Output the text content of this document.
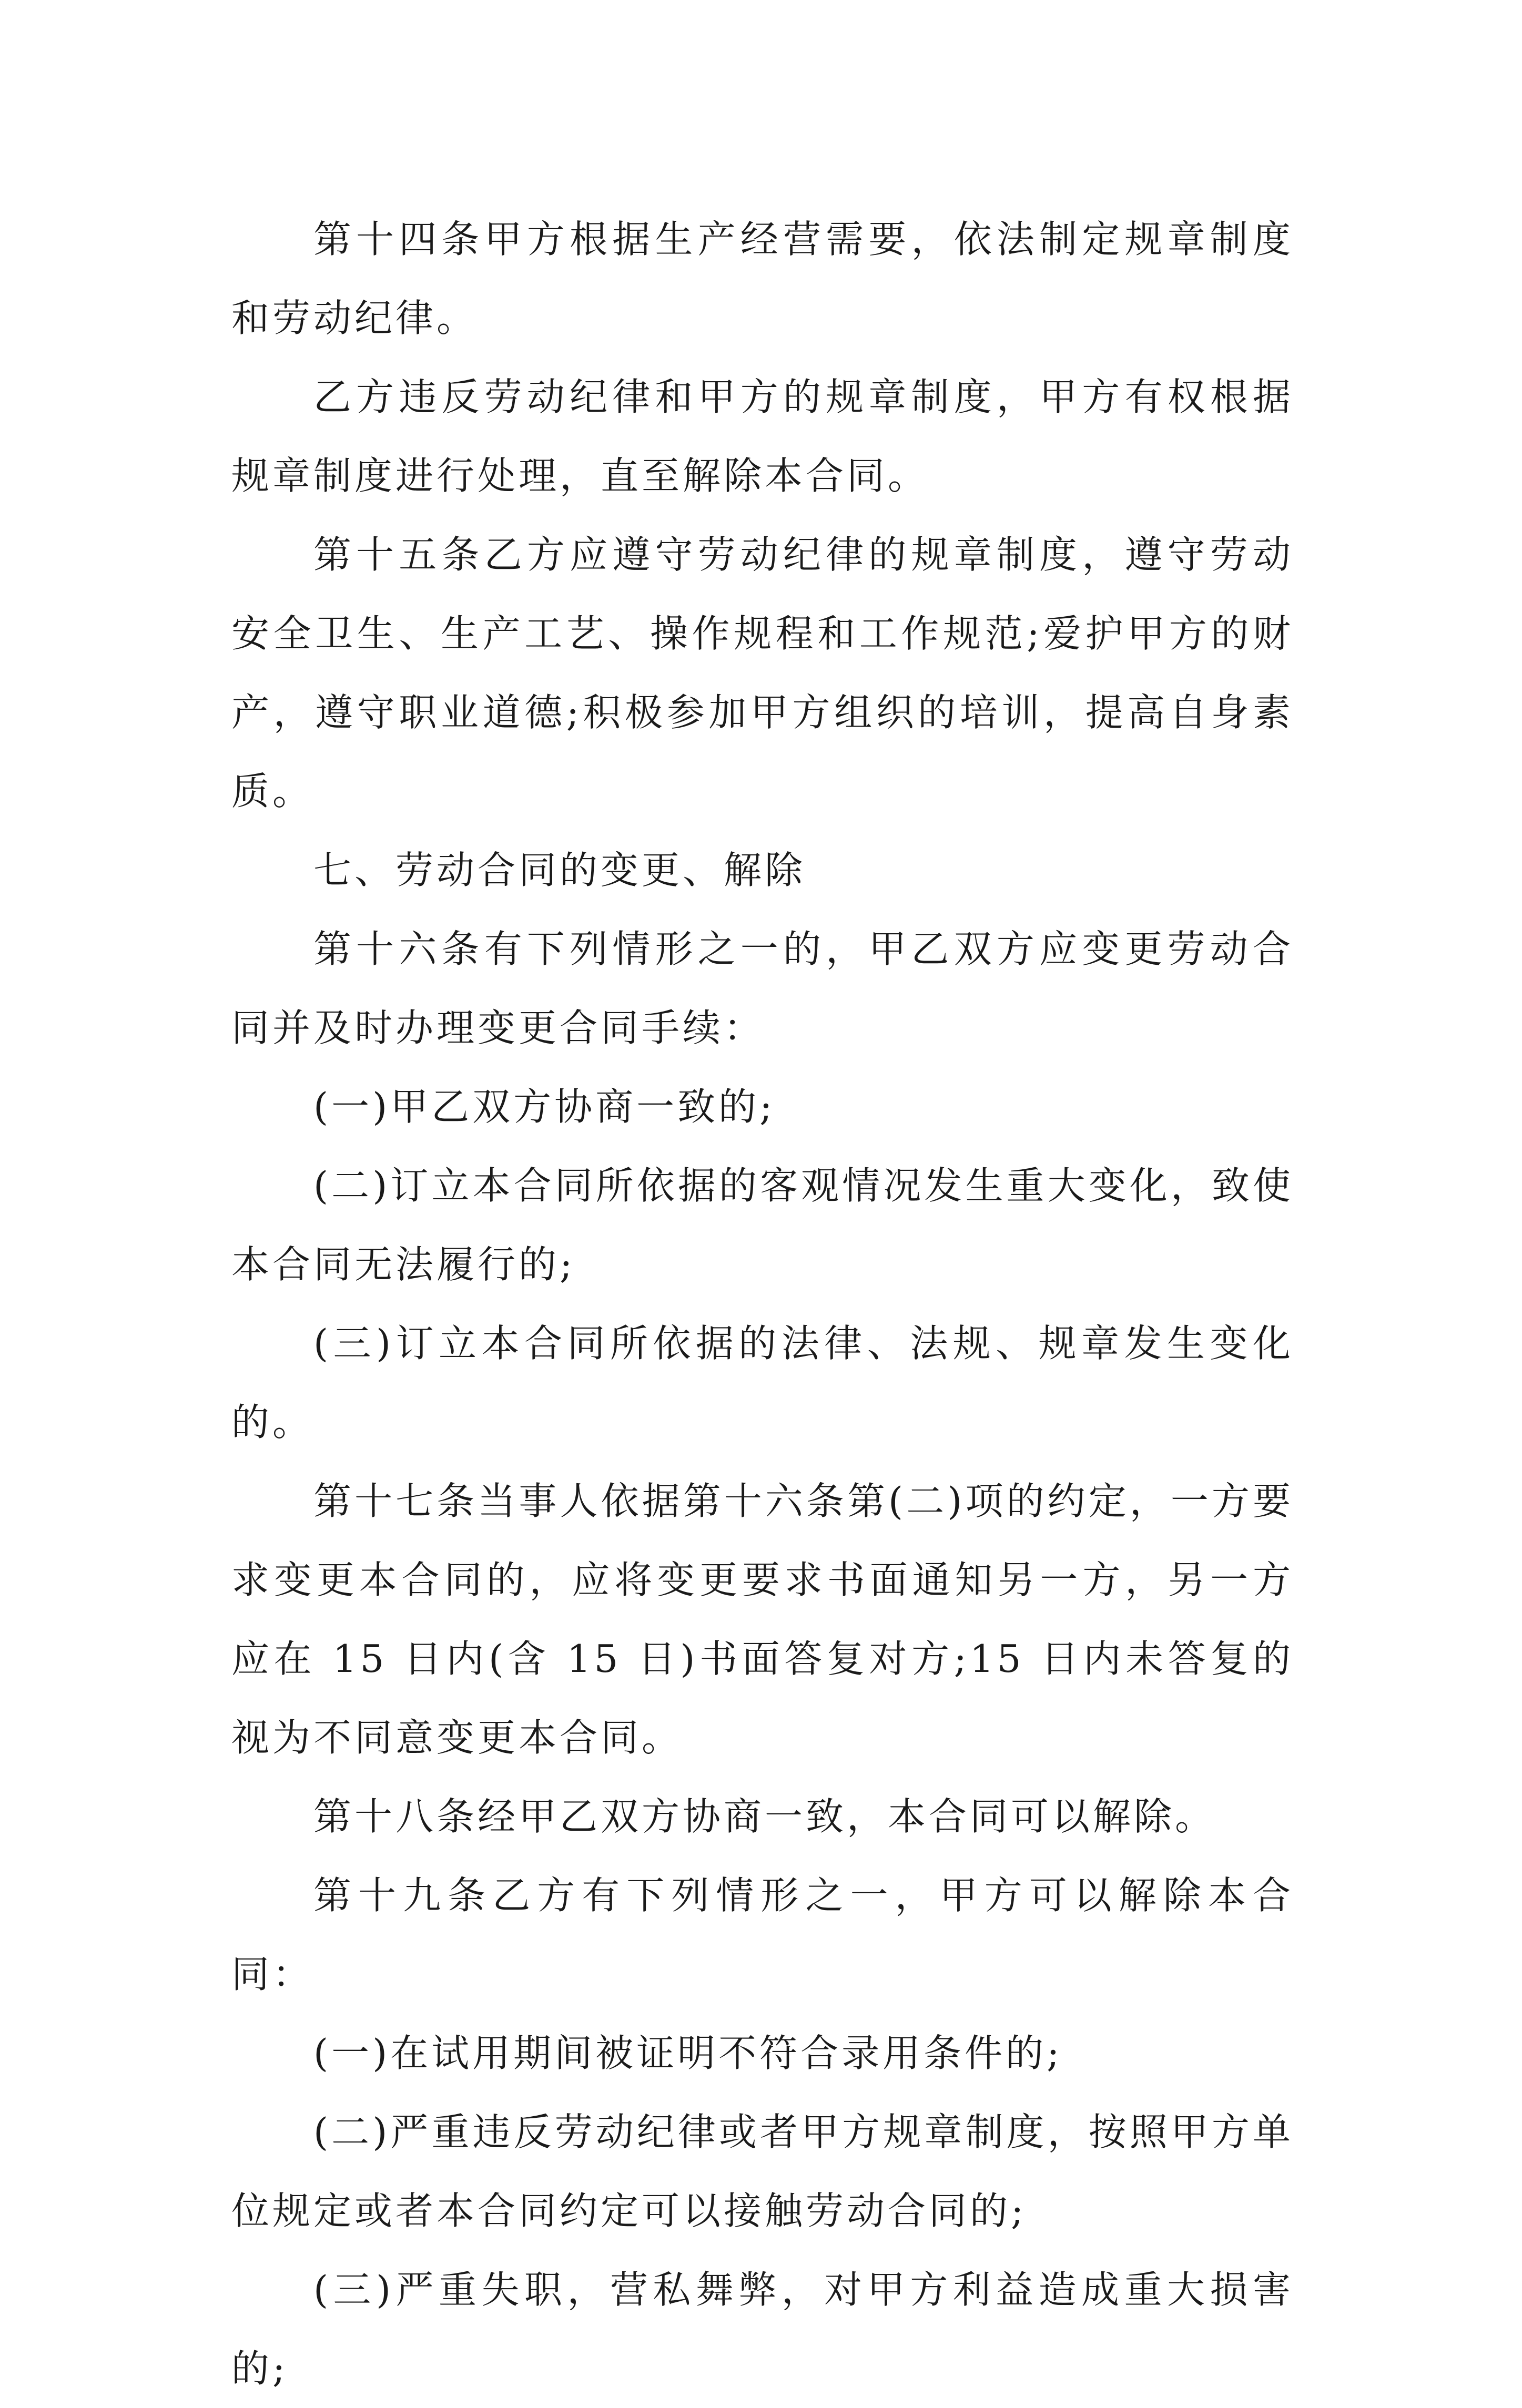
第十四条甲方根据生产经营需要，依法制定规章制度和劳动纪律。

乙方违反劳动纪律和甲方的规章制度，甲方有权根据规章制度进行处理，直至解除本合同。

第十五条乙方应遵守劳动纪律的规章制度，遵守劳动安全卫生、生产工艺、操作规程和工作规范;爱护甲方的财产，遵守职业道德;积极参加甲方组织的培训，提高自身素质。

七、劳动合同的变更、解除

第十六条有下列情形之一的，甲乙双方应变更劳动合同并及时办理变更合同手续：

(一)甲乙双方协商一致的;

(二)订立本合同所依据的客观情况发生重大变化，致使本合同无法履行的;

(三)订立本合同所依据的法律、法规、规章发生变化的。

第十七条当事人依据第十六条第(二)项的约定，一方要求变更本合同的，应将变更要求书面通知另一方，另一方应在 15 日内(含 15 日)书面答复对方;15 日内未答复的视为不同意变更本合同。

第十八条经甲乙双方协商一致，本合同可以解除。

第十九条乙方有下列情形之一，甲方可以解除本合同：

(一)在试用期间被证明不符合录用条件的;

(二)严重违反劳动纪律或者甲方规章制度，按照甲方单位规定或者本合同约定可以接触劳动合同的;

(三)严重失职，营私舞弊，对甲方利益造成重大损害的;
